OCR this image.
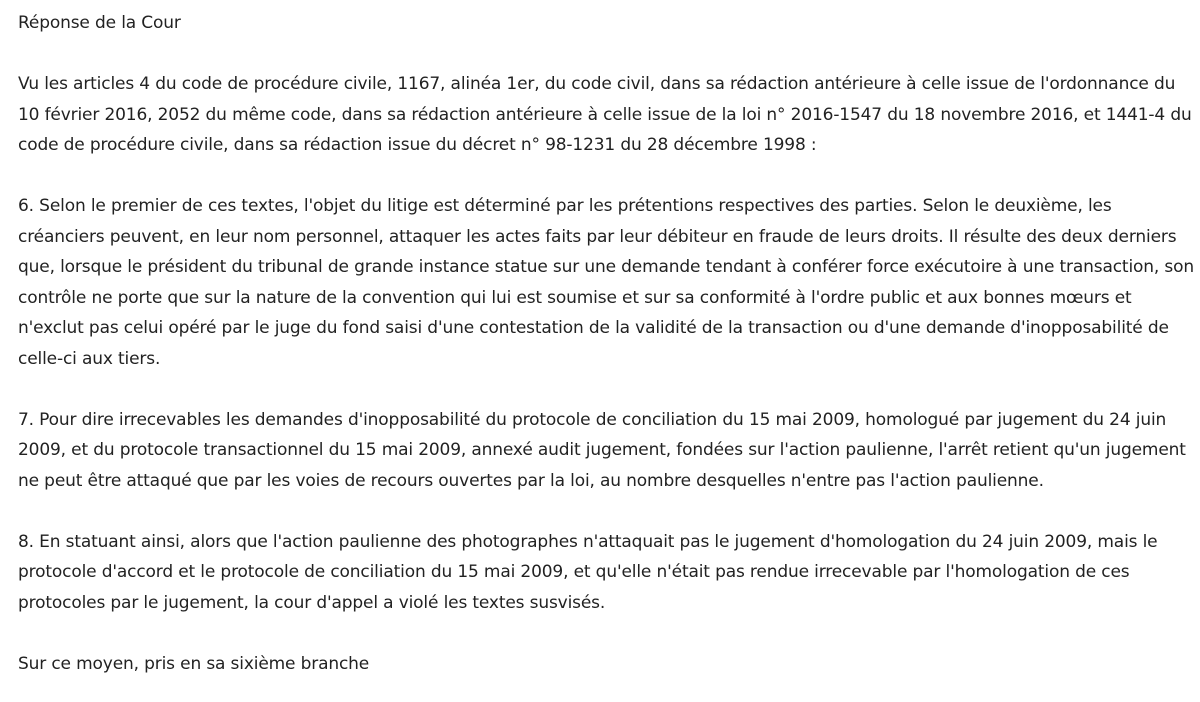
Réponse de la Cour

Vu les articles 4 du code de procédure civile, 1167, alinéa 1er, du code civil, dans sa rédaction antérieure à celle issue de l'ordonnance du 10 février 2016, 2052 du même code, dans sa rédaction antérieure à celle issue de la loi n° 2016-1547 du 18 novembre 2016, et 1441-4 du code de procédure civile, dans sa rédaction issue du décret n° 98-1231 du 28 décembre 1998 :

6. Selon le premier de ces textes, l'objet du litige est déterminé par les prétentions respectives des parties. Selon le deuxième, les créanciers peuvent, en leur nom personnel, attaquer les actes faits par leur débiteur en fraude de leurs droits. Il résulte des deux derniers que, lorsque le président du tribunal de grande instance statue sur une demande tendant à conférer force exécutoire à une transaction, son contrôle ne porte que sur la nature de la convention qui lui est soumise et sur sa conformité à l'ordre public et aux bonnes mœurs et n'exclut pas celui opéré par le juge du fond saisi d'une contestation de la validité de la transaction ou d'une demande d'inopposabilité de celle-ci aux tiers.

7. Pour dire irrecevables les demandes d'inopposabilité du protocole de conciliation du 15 mai 2009, homologué par jugement du 24 juin 2009, et du protocole transactionnel du 15 mai 2009, annexé audit jugement, fondées sur l'action paulienne, l'arrêt retient qu'un jugement ne peut être attaqué que par les voies de recours ouvertes par la loi, au nombre desquelles n'entre pas l'action paulienne.

8. En statuant ainsi, alors que l'action paulienne des photographes n'attaquait pas le jugement d'homologation du 24 juin 2009, mais le protocole d'accord et le protocole de conciliation du 15 mai 2009, et qu'elle n'était pas rendue irrecevable par l'homologation de ces protocoles par le jugement, la cour d'appel a violé les textes susvisés.

Sur ce moyen, pris en sa sixième branche
